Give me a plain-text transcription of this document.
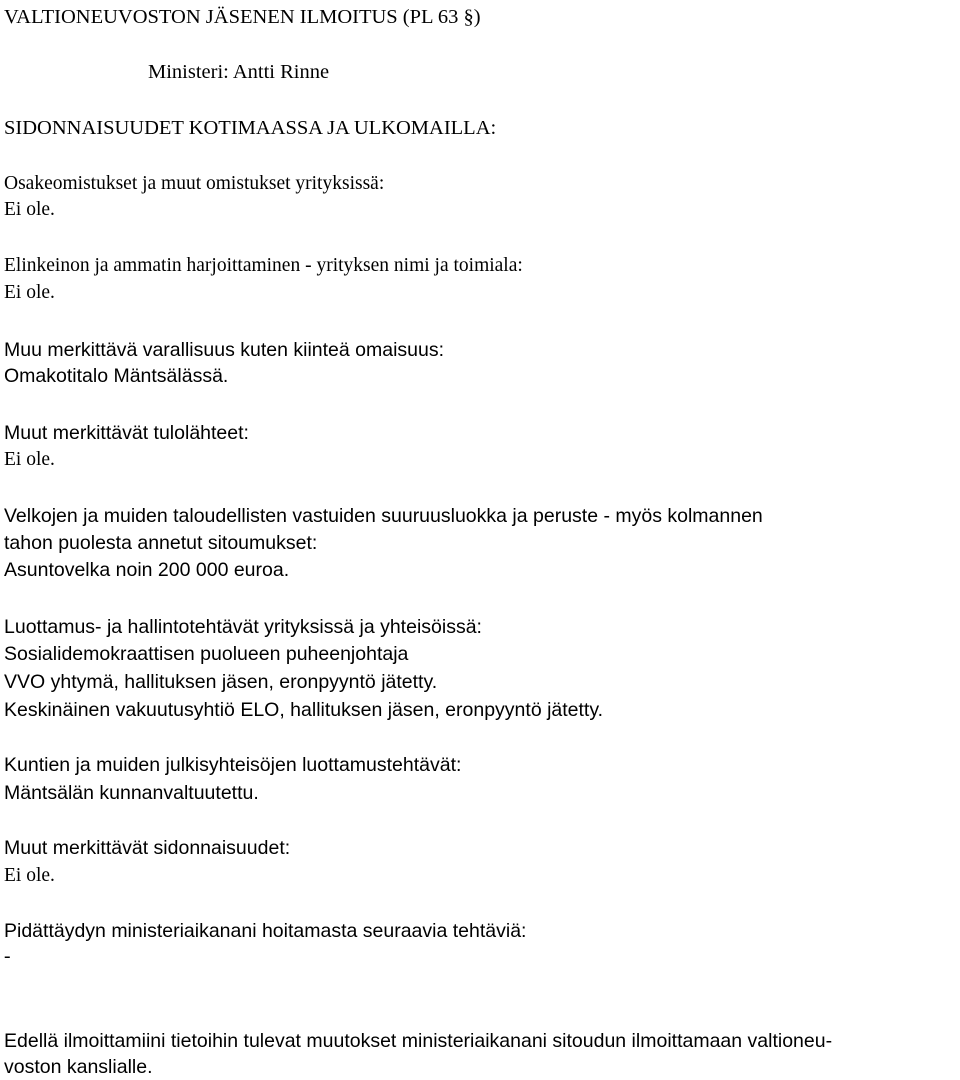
VALTIONEUVOSTON JÄSENEN ILMOITUS (PL 63 §)
Ministeri: Antti Rinne
SIDONNAISUUDET KOTIMAASSA JA ULKOMAILLA:
Osakeomistukset ja muut omistukset yrityksissä:
Ei ole.
Elinkeinon ja ammatin harjoittaminen - yrityksen nimi ja toimiala:
Ei ole.
Muu merkittävä varallisuus kuten kiinteä omaisuus:
Omakotitalo Mäntsälässä.
Muut merkittävät tulolähteet:
Ei ole.
Velkojen ja muiden taloudellisten vastuiden suuruusluokka ja peruste - myös kolmannen
tahon puolesta annetut sitoumukset:
Asuntovelka noin 200 000 euroa.
Luottamus- ja hallintotehtävät yrityksissä ja yhteisöissä:
Sosialidemokraattisen puolueen puheenjohtaja
VVO yhtymä, hallituksen jäsen, eronpyyntö jätetty.
Keskinäinen vakuutusyhtiö ELO, hallituksen jäsen, eronpyyntö jätetty.
Kuntien ja muiden julkisyhteisöjen luottamustehtävät:
Mäntsälän kunnanvaltuutettu.
Muut merkittävät sidonnaisuudet:
Ei ole.
Pidättäydyn ministeriaikanani hoitamasta seuraavia tehtäviä:
-
Edellä ilmoittamiini tietoihin tulevat muutokset ministeriaikanani sitoudun ilmoittamaan valtioneu-
voston kanslialle.
